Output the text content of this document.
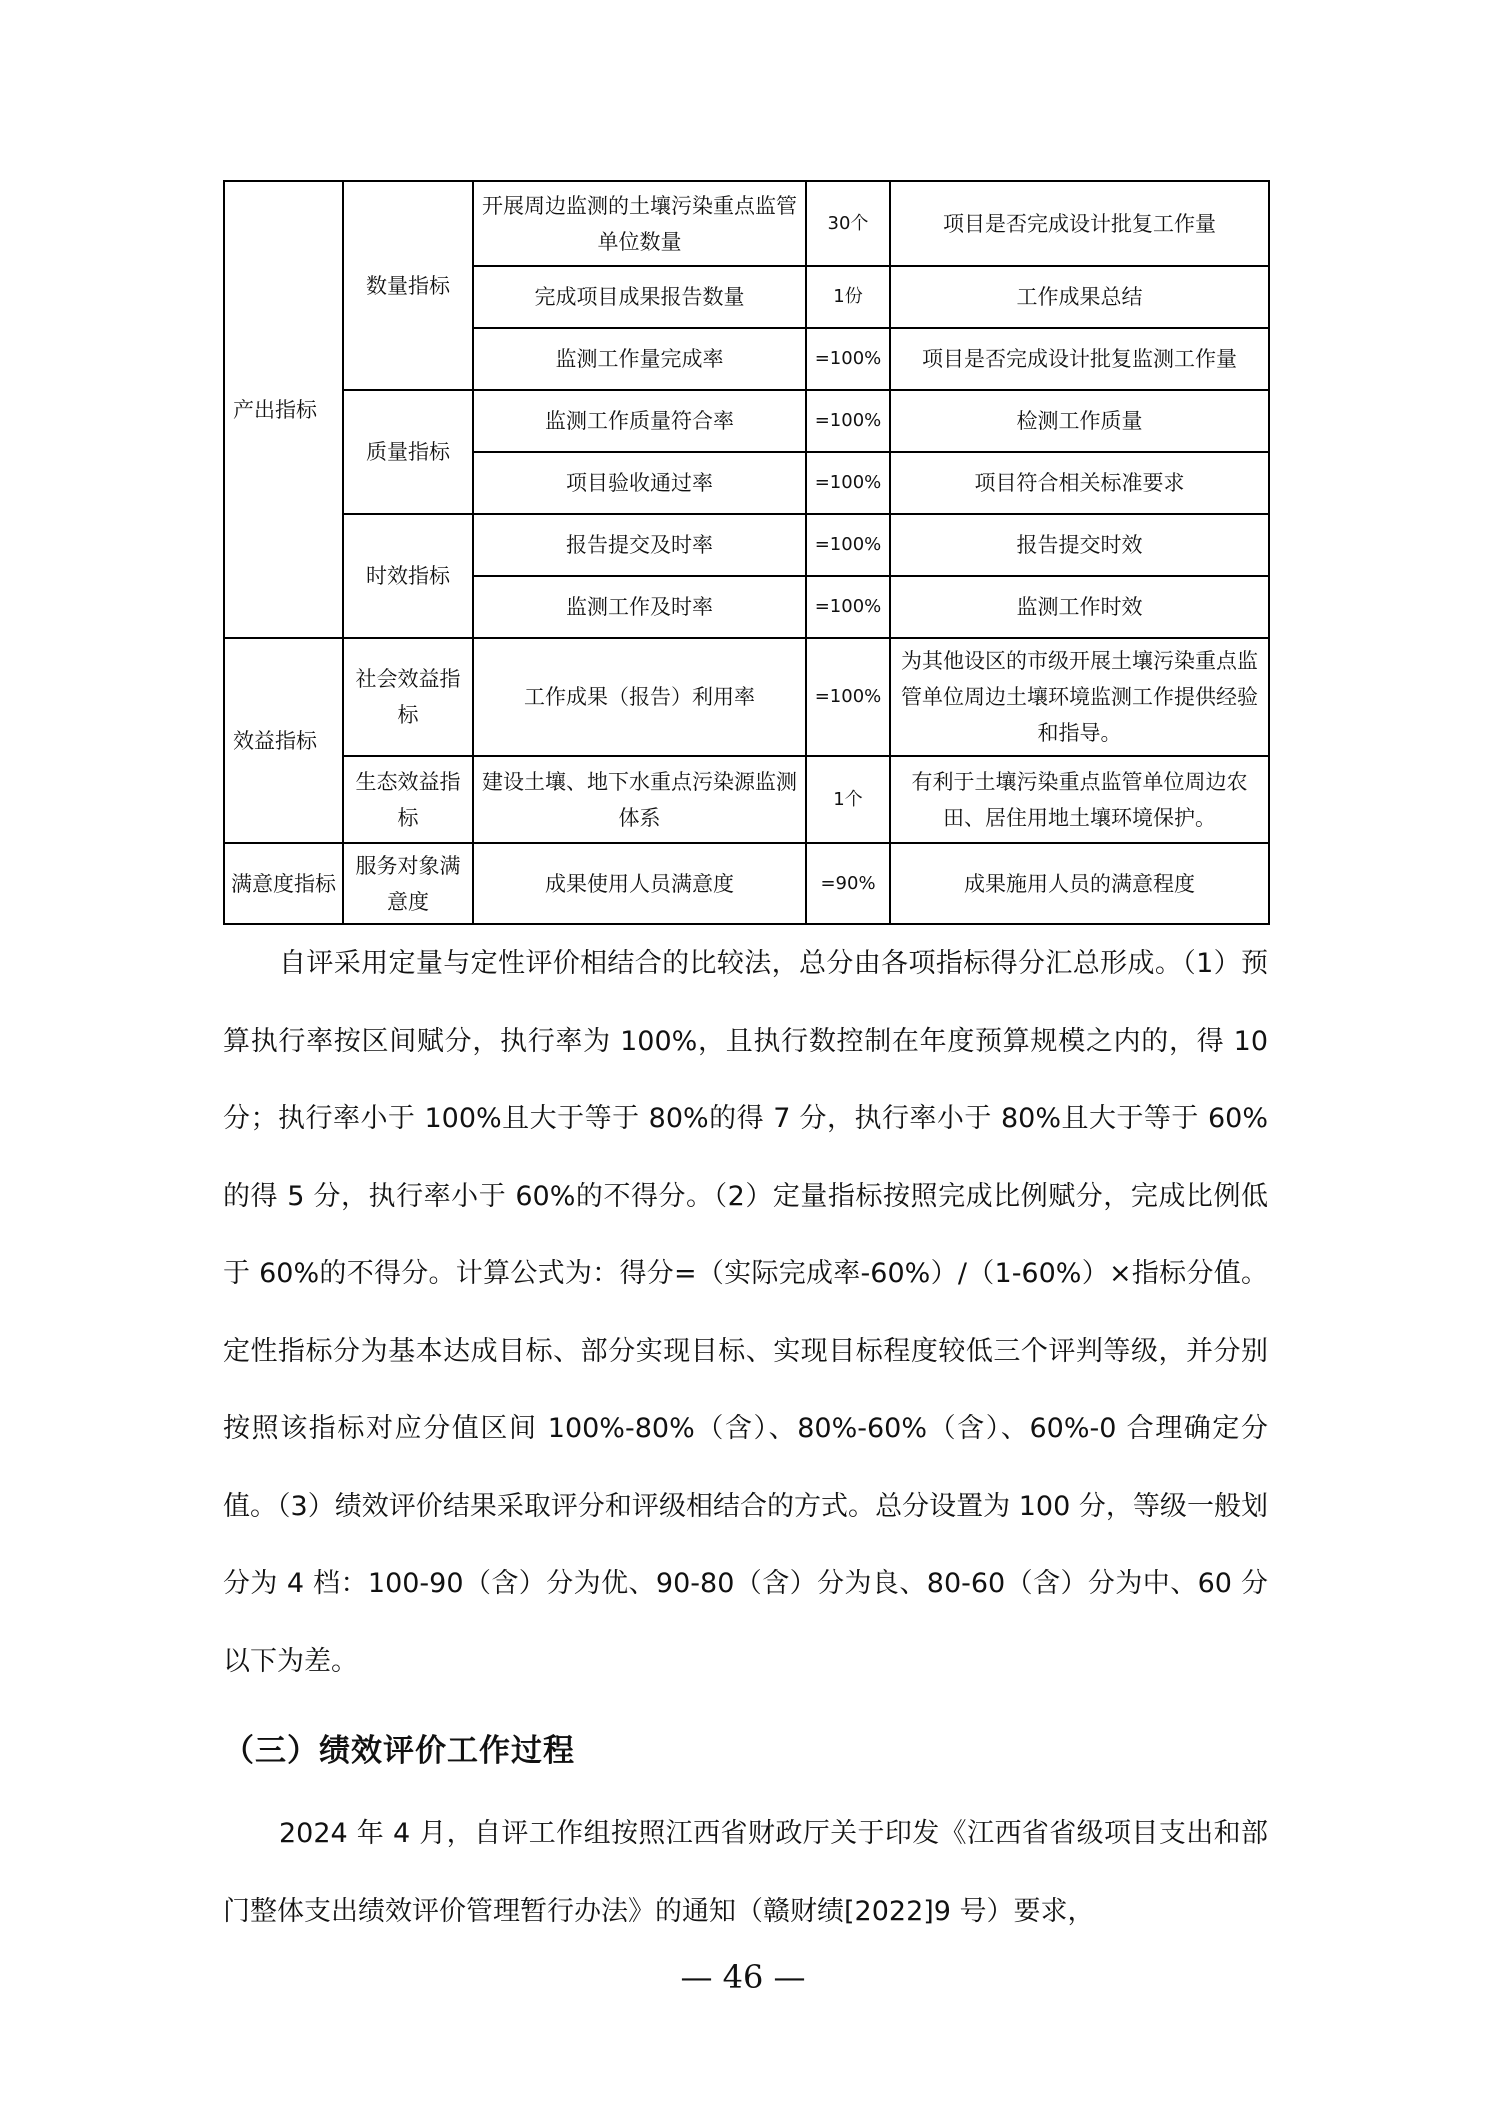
产出指标	数量指标	开展周边监测的土壤污染重点监管单位数量	30个	项目是否完成设计批复工作量
		完成项目成果报告数量	1份	工作成果总结
		监测工作量完成率	=100%	项目是否完成设计批复监测工作量
	质量指标	监测工作质量符合率	=100%	检测工作质量
		项目验收通过率	=100%	项目符合相关标准要求
	时效指标	报告提交及时率	=100%	报告提交时效
		监测工作及时率	=100%	监测工作时效
效益指标	社会效益指标	工作成果（报告）利用率	=100%	为其他设区的市级开展土壤污染重点监管单位周边土壤环境监测工作提供经验和指导。
	生态效益指标	建设土壤、地下水重点污染源监测体系	1个	有利于土壤污染重点监管单位周边农田、居住用地土壤环境保护。
满意度指标	服务对象满意度	成果使用人员满意度	=90%	成果施用人员的满意程度

自评采用定量与定性评价相结合的比较法，总分由各项指标得分汇总形成。（1）预算执行率按区间赋分，执行率为 100%，且执行数控制在年度预算规模之内的，得 10 分；执行率小于 100%且大于等于 80%的得 7 分，执行率小于 80%且大于等于 60%的得 5 分，执行率小于 60%的不得分。（2）定量指标按照完成比例赋分，完成比例低于 60%的不得分。计算公式为：得分=（实际完成率-60%）/（1-60%）×指标分值。定性指标分为基本达成目标、部分实现目标、实现目标程度较低三个评判等级，并分别按照该指标对应分值区间 100%-80%（含）、80%-60%（含）、60%-0 合理确定分值。（3）绩效评价结果采取评分和评级相结合的方式。总分设置为 100 分，等级一般划分为 4 档：100-90（含）分为优、90-80（含）分为良、80-60（含）分为中、60 分以下为差。

（三）绩效评价工作过程

2024 年 4 月，自评工作组按照江西省财政厅关于印发《江西省省级项目支出和部门整体支出绩效评价管理暂行办法》的通知（赣财绩[2022]9 号）要求，

— 46 —
